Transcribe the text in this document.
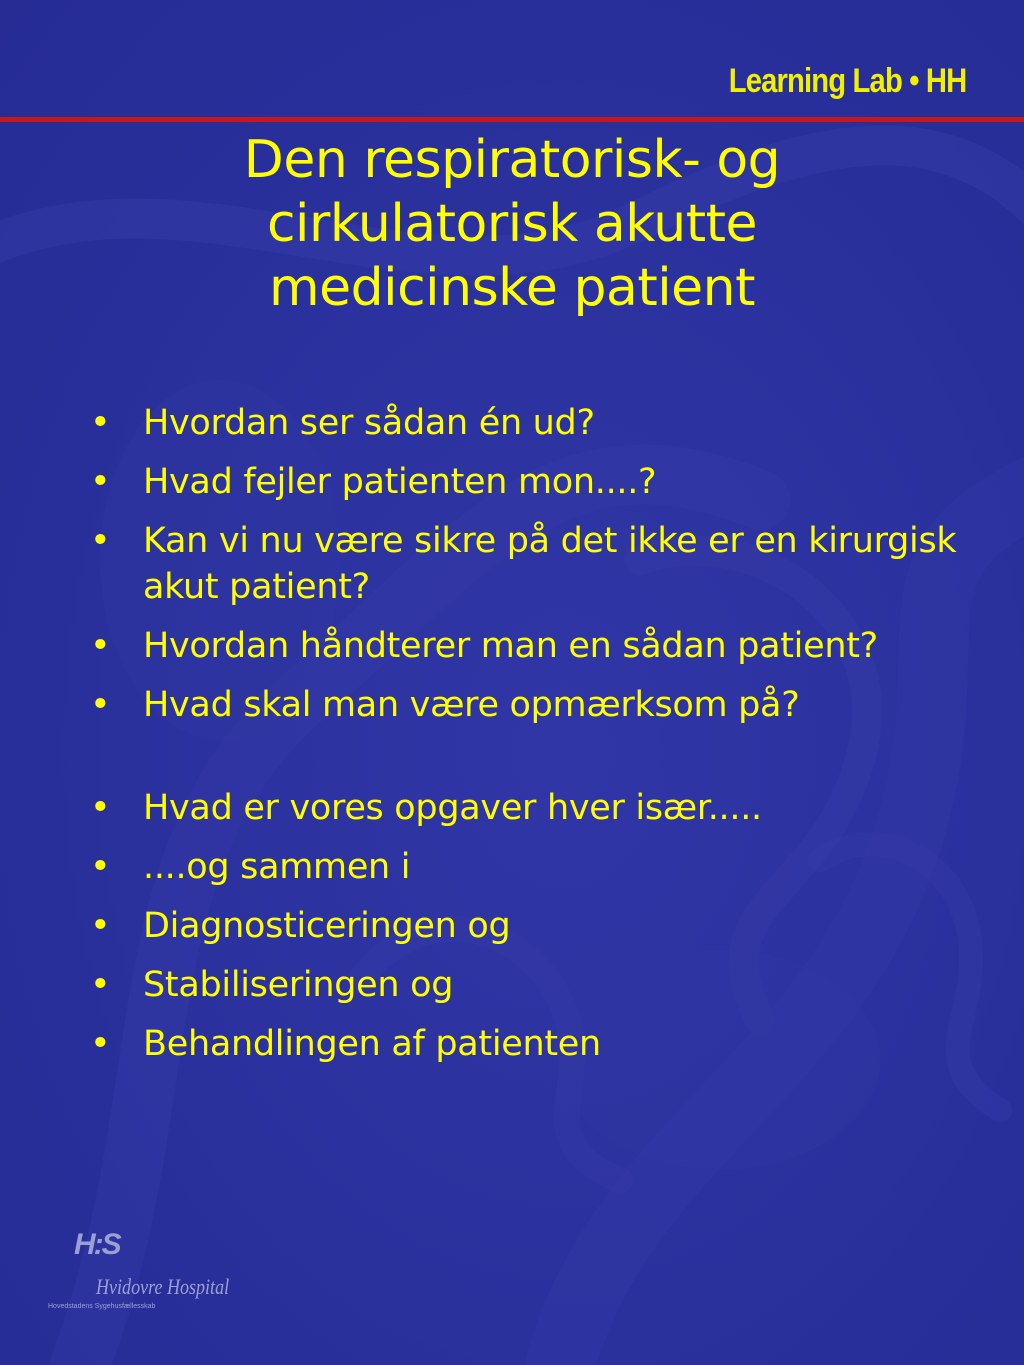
Learning Lab • HH
Den respiratorisk- og
cirkulatorisk akutte
medicinske patient
• Hvordan ser sådan én ud?
• Hvad fejler patienten mon....?
• Kan vi nu være sikre på det ikke er en kirurgisk akut patient?
• Hvordan håndterer man en sådan patient?
• Hvad skal man være opmærksom på?
• Hvad er vores opgaver hver især.....
• ....og sammen i
• Diagnosticeringen og
• Stabiliseringen og
• Behandlingen af patienten
H:S
Hvidovre Hospital
Hovedstadens Sygehusfællesskab
